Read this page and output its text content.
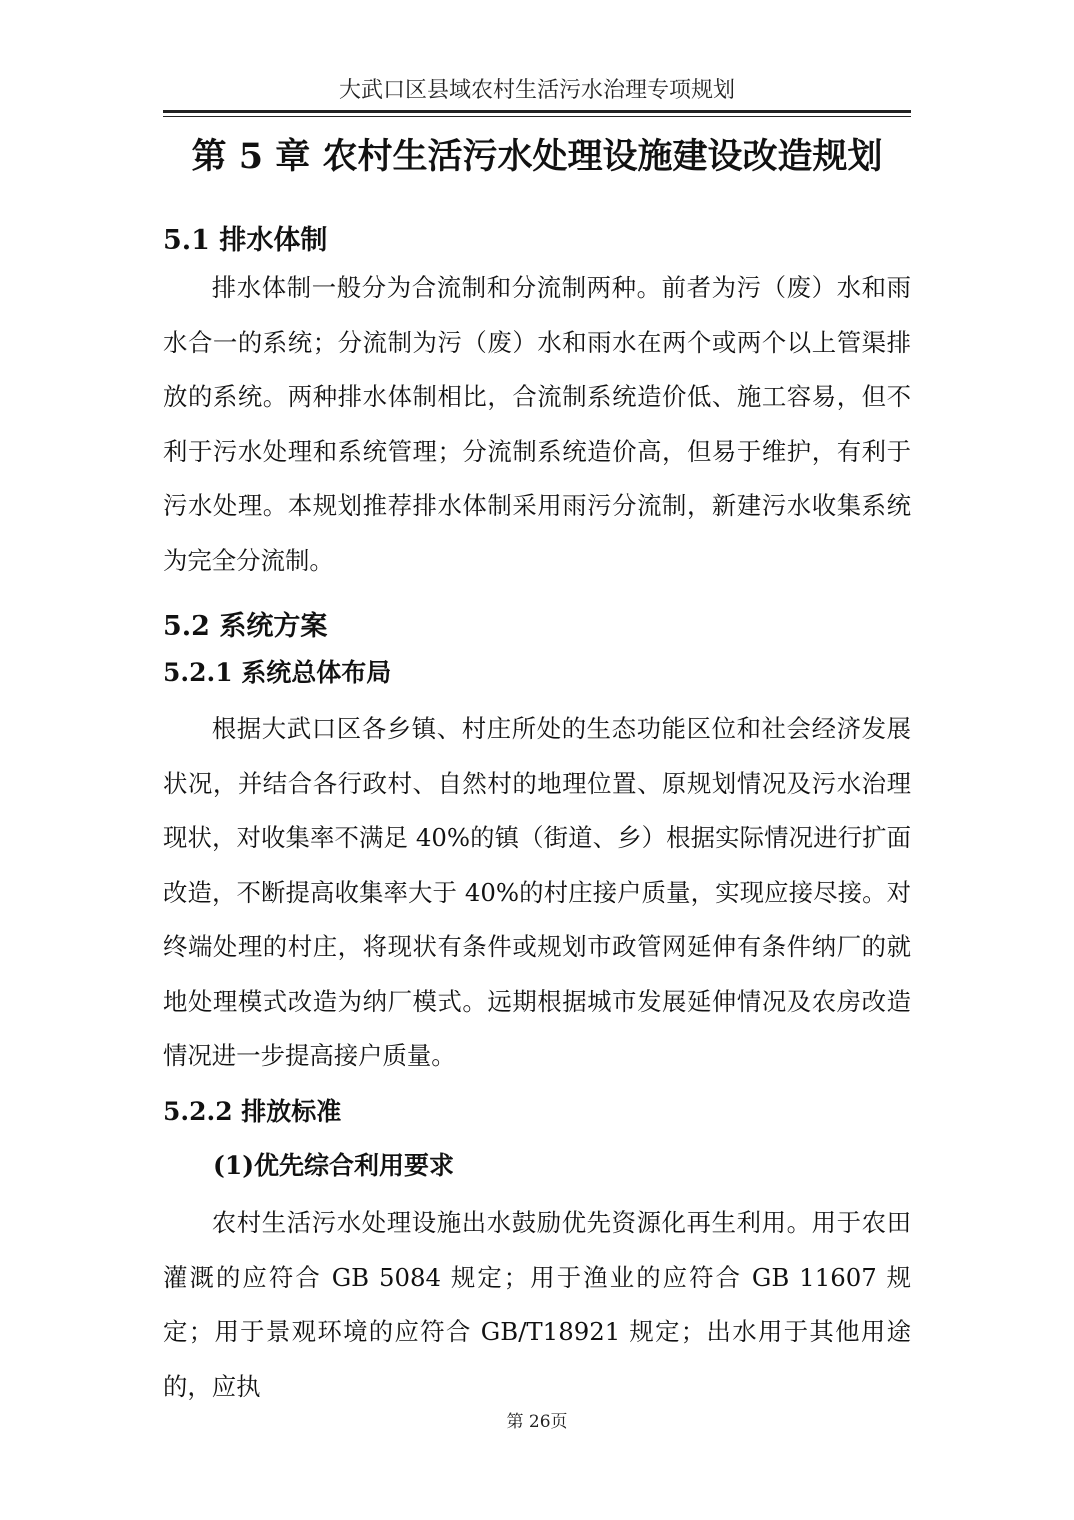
大武口区县域农村生活污水治理专项规划
第 5 章 农村生活污水处理设施建设改造规划
5.1 排水体制

排水体制一般分为合流制和分流制两种。前者为污（废）水和雨水合一的系统；分流制为污（废）水和雨水在两个或两个以上管渠排放的系统。两种排水体制相比，合流制系统造价低、施工容易，但不利于污水处理和系统管理；分流制系统造价高，但易于维护，有利于污水处理。本规划推荐排水体制采用雨污分流制，新建污水收集系统为完全分流制。

5.2 系统方案
5.2.1 系统总体布局

根据大武口区各乡镇、村庄所处的生态功能区位和社会经济发展状况，并结合各行政村、自然村的地理位置、原规划情况及污水治理现状，对收集率不满足 40%的镇（街道、乡）根据实际情况进行扩面改造，不断提高收集率大于 40%的村庄接户质量，实现应接尽接。对终端处理的村庄，将现状有条件或规划市政管网延伸有条件纳厂的就地处理模式改造为纳厂模式。远期根据城市发展延伸情况及农房改造情况进一步提高接户质量。

5.2.2 排放标准
(1)优先综合利用要求

农村生活污水处理设施出水鼓励优先资源化再生利用。用于农田灌溉的应符合 GB 5084 规定；用于渔业的应符合 GB 11607 规定；用于景观环境的应符合 GB/T18921 规定；出水用于其他用途的，应执

第 26页
